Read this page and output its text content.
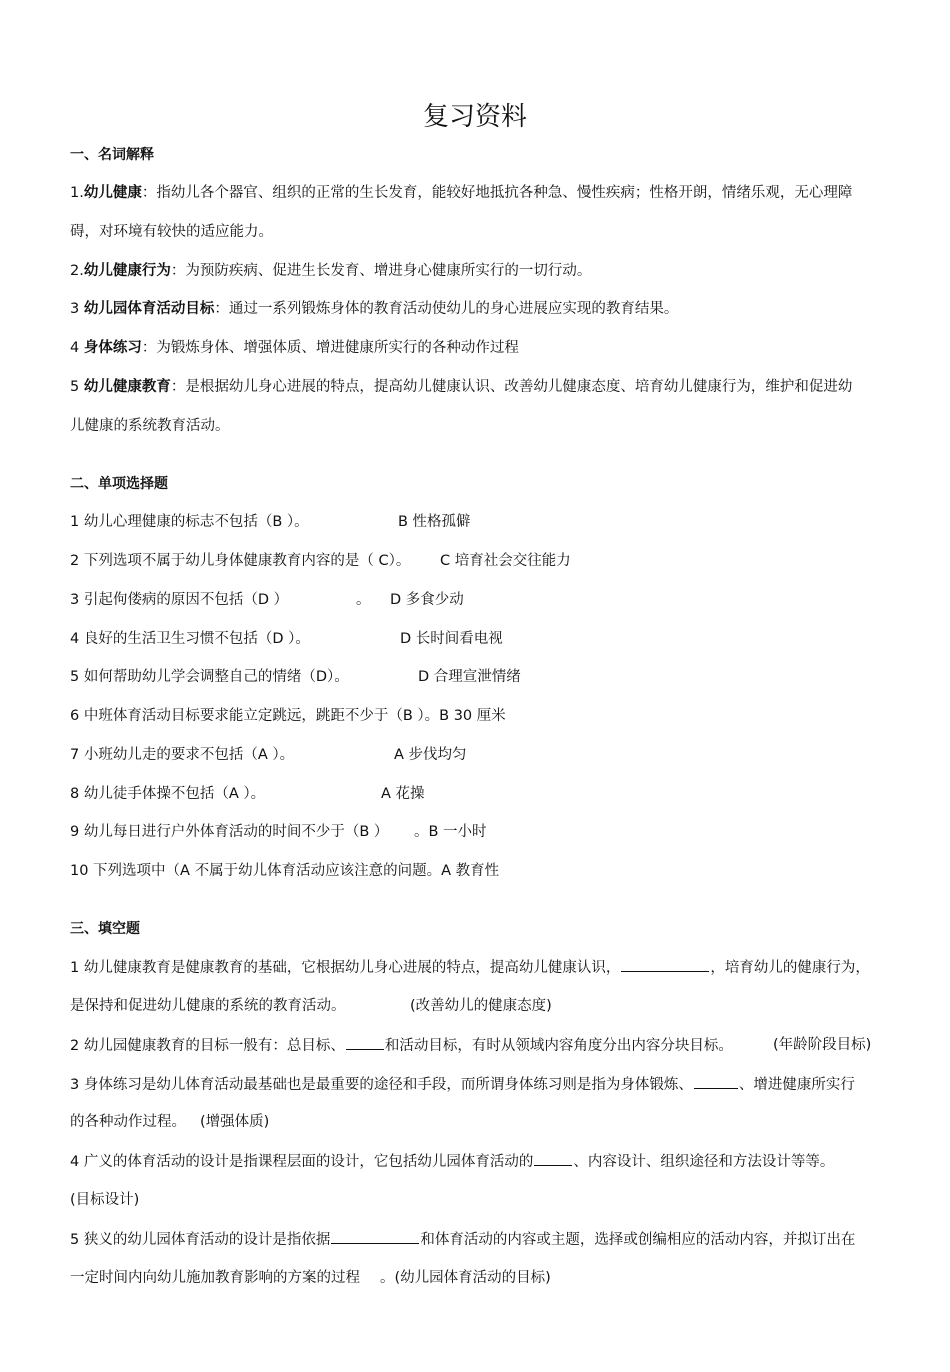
复习资料
一、名词解释
1.幼儿健康：指幼儿各个器官、组织的正常的生长发育，能较好地抵抗各种急、慢性疾病；性格开朗，情绪乐观，无心理障
碍，对环境有较快的适应能力。
2.幼儿健康行为：为预防疾病、促进生长发育、增进身心健康所实行的一切行动。
3 幼儿园体育活动目标：通过一系列锻炼身体的教育活动使幼儿的身心进展应实现的教育结果。
4 身体练习：为锻炼身体、增强体质、增进健康所实行的各种动作过程
5 幼儿健康教育：是根据幼儿身心进展的特点，提高幼儿健康认识、改善幼儿健康态度、培育幼儿健康行为，维护和促进幼
儿健康的系统教育活动。
二、单项选择题
1 幼儿心理健康的标志不包括（B ）。	B 性格孤僻
2 下列选项不属于幼儿身体健康教育内容的是（ C）。 C 培育社会交往能力
3 引起佝偻病的原因不包括（D ）	。 D 多食少动
4 良好的生活卫生习惯不包括（D ）。	D 长时间看电视
5 如何帮助幼儿学会调整自己的情绪（D）。	D 合理宣泄情绪
6 中班体育活动目标要求能立定跳远，跳距不少于（B ）。B 30 厘米
7 小班幼儿走的要求不包括（A ）。	A 步伐均匀
8 幼儿徒手体操不包括（A ）。	A 花操
9 幼儿每日进行户外体育活动的时间不少于（B ） 。B 一小时
10 下列选项中（A 不属于幼儿体育活动应该注意的问题。A 教育性
三、填空题
1 幼儿健康教育是健康教育的基础，它根据幼儿身心进展的特点，提高幼儿健康认识，	，培育幼儿的健康行为，
是保持和促进幼儿健康的系统的教育活动。	(改善幼儿的健康态度)
2 幼儿园健康教育的目标一般有：总目标、	和活动目标，有时从领域内容角度分出内容分块目标。	(年龄阶段目标)
3 身体练习是幼儿体育活动最基础也是最重要的途径和手段，而所谓身体练习则是指为身体锻炼、	、增进健康所实行
的各种动作过程。 (增强体质)
4 广义的体育活动的设计是指课程层面的设计，它包括幼儿园体育活动的	、内容设计、组织途径和方法设计等等。
(目标设计)
5 狭义的幼儿园体育活动的设计是指依据	和体育活动的内容或主题，选择或创编相应的活动内容，并拟订出在
一定时间内向幼儿施加教育影响的方案的过程 。(幼儿园体育活动的目标)
